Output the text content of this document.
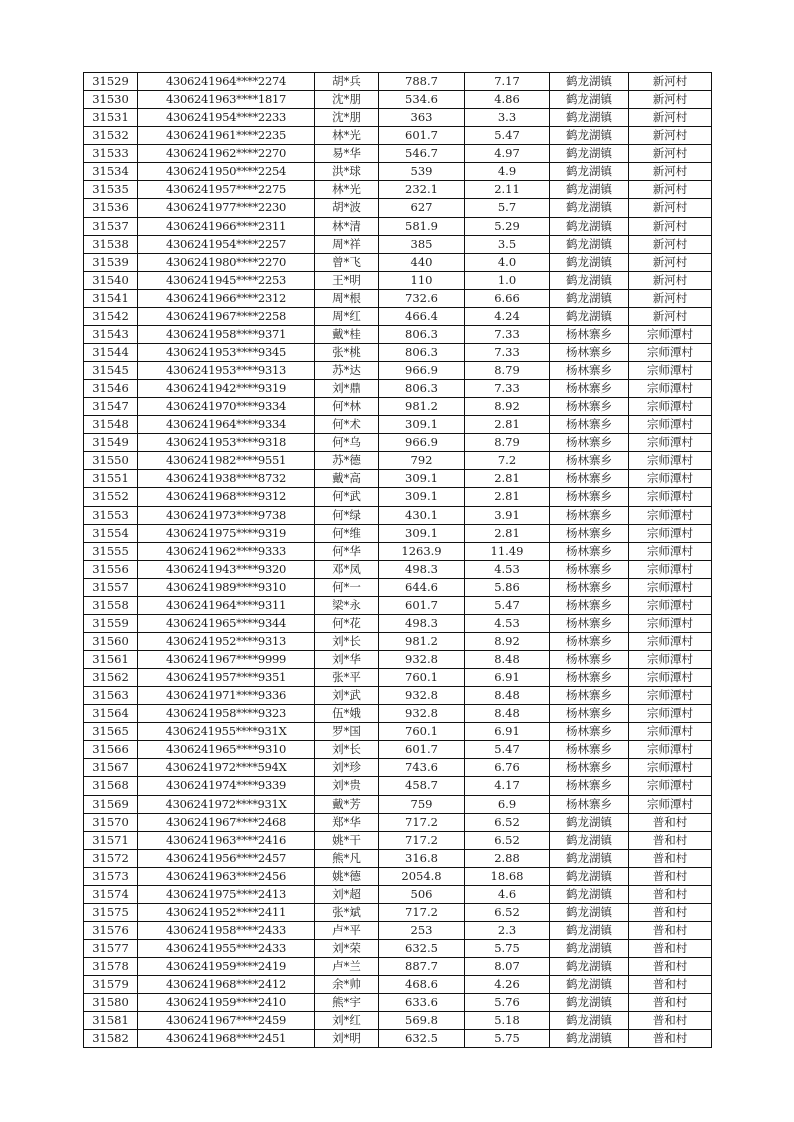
31529	4306241964****2274	胡*兵	788.7	7.17	鹤龙湖镇	新河村
31530	4306241963****1817	沈*朋	534.6	4.86	鹤龙湖镇	新河村
31531	4306241954****2233	沈*朋	363	3.3	鹤龙湖镇	新河村
31532	4306241961****2235	林*光	601.7	5.47	鹤龙湖镇	新河村
31533	4306241962****2270	易*华	546.7	4.97	鹤龙湖镇	新河村
31534	4306241950****2254	洪*球	539	4.9	鹤龙湖镇	新河村
31535	4306241957****2275	林*光	232.1	2.11	鹤龙湖镇	新河村
31536	4306241977****2230	胡*波	627	5.7	鹤龙湖镇	新河村
31537	4306241966****2311	林*清	581.9	5.29	鹤龙湖镇	新河村
31538	4306241954****2257	周*祥	385	3.5	鹤龙湖镇	新河村
31539	4306241980****2270	曾*飞	440	4.0	鹤龙湖镇	新河村
31540	4306241945****2253	王*明	110	1.0	鹤龙湖镇	新河村
31541	4306241966****2312	周*根	732.6	6.66	鹤龙湖镇	新河村
31542	4306241967****2258	周*红	466.4	4.24	鹤龙湖镇	新河村
31543	4306241958****9371	戴*桂	806.3	7.33	杨林寨乡	宗师潭村
31544	4306241953****9345	张*桃	806.3	7.33	杨林寨乡	宗师潭村
31545	4306241953****9313	苏*达	966.9	8.79	杨林寨乡	宗师潭村
31546	4306241942****9319	刘*鼎	806.3	7.33	杨林寨乡	宗师潭村
31547	4306241970****9334	何*林	981.2	8.92	杨林寨乡	宗师潭村
31548	4306241964****9334	何*术	309.1	2.81	杨林寨乡	宗师潭村
31549	4306241953****9318	何*乌	966.9	8.79	杨林寨乡	宗师潭村
31550	4306241982****9551	苏*德	792	7.2	杨林寨乡	宗师潭村
31551	4306241938****8732	戴*高	309.1	2.81	杨林寨乡	宗师潭村
31552	4306241968****9312	何*武	309.1	2.81	杨林寨乡	宗师潭村
31553	4306241973****9738	何*绿	430.1	3.91	杨林寨乡	宗师潭村
31554	4306241975****9319	何*维	309.1	2.81	杨林寨乡	宗师潭村
31555	4306241962****9333	何*华	1263.9	11.49	杨林寨乡	宗师潭村
31556	4306241943****9320	邓*凤	498.3	4.53	杨林寨乡	宗师潭村
31557	4306241989****9310	何*一	644.6	5.86	杨林寨乡	宗师潭村
31558	4306241964****9311	梁*永	601.7	5.47	杨林寨乡	宗师潭村
31559	4306241965****9344	何*花	498.3	4.53	杨林寨乡	宗师潭村
31560	4306241952****9313	刘*长	981.2	8.92	杨林寨乡	宗师潭村
31561	4306241967****9999	刘*华	932.8	8.48	杨林寨乡	宗师潭村
31562	4306241957****9351	张*平	760.1	6.91	杨林寨乡	宗师潭村
31563	4306241971****9336	刘*武	932.8	8.48	杨林寨乡	宗师潭村
31564	4306241958****9323	伍*娥	932.8	8.48	杨林寨乡	宗师潭村
31565	4306241955****931X	罗*国	760.1	6.91	杨林寨乡	宗师潭村
31566	4306241965****9310	刘*长	601.7	5.47	杨林寨乡	宗师潭村
31567	4306241972****594X	刘*珍	743.6	6.76	杨林寨乡	宗师潭村
31568	4306241974****9339	刘*贵	458.7	4.17	杨林寨乡	宗师潭村
31569	4306241972****931X	戴*芳	759	6.9	杨林寨乡	宗师潭村
31570	4306241967****2468	郑*华	717.2	6.52	鹤龙湖镇	普和村
31571	4306241963****2416	姚*干	717.2	6.52	鹤龙湖镇	普和村
31572	4306241956****2457	熊*凡	316.8	2.88	鹤龙湖镇	普和村
31573	4306241963****2456	姚*德	2054.8	18.68	鹤龙湖镇	普和村
31574	4306241975****2413	刘*超	506	4.6	鹤龙湖镇	普和村
31575	4306241952****2411	张*斌	717.2	6.52	鹤龙湖镇	普和村
31576	4306241958****2433	卢*平	253	2.3	鹤龙湖镇	普和村
31577	4306241955****2433	刘*荣	632.5	5.75	鹤龙湖镇	普和村
31578	4306241959****2419	卢*兰	887.7	8.07	鹤龙湖镇	普和村
31579	4306241968****2412	余*帅	468.6	4.26	鹤龙湖镇	普和村
31580	4306241959****2410	熊*宇	633.6	5.76	鹤龙湖镇	普和村
31581	4306241967****2459	刘*红	569.8	5.18	鹤龙湖镇	普和村
31582	4306241968****2451	刘*明	632.5	5.75	鹤龙湖镇	普和村
